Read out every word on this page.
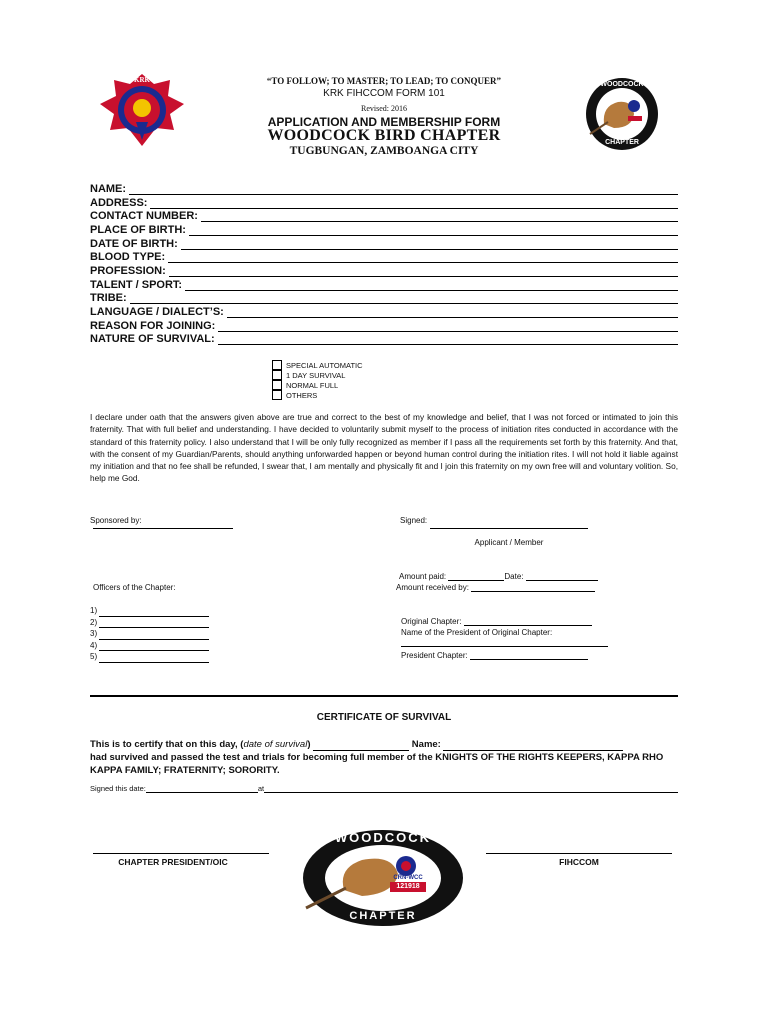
KRK
WOODCOCK
CHAPTER
“TO FOLLOW; TO MASTER; TO LEAD; TO CONQUER”
KRK FIHCCOM FORM 101
Revised: 2016
APPLICATION AND MEMBERSHIP FORM
WOODCOCK BIRD CHAPTER
TUGBUNGAN, ZAMBOANGA CITY
NAME:
ADDRESS:
CONTACT NUMBER:
PLACE OF BIRTH:
DATE OF BIRTH:
BLOOD TYPE:
PROFESSION:
TALENT / SPORT:
TRIBE:
LANGUAGE / DIALECT’S:
REASON FOR JOINING:
NATURE OF SURVIVAL:
SPECIAL AUTOMATIC
1 DAY SURVIVAL
NORMAL FULL
OTHERS
I declare under oath that the answers given above are true and correct to the best of my knowledge and belief, that I was not forced or intimated to join this fraternity. That with full belief and understanding. I have decided to voluntarily submit myself to the process of initiation rites conducted in accordance with the standard of this fraternity policy. I also understand that I will be only fully recognized as member if I pass all the requirements set forth by this fraternity. And that, with the consent of my Guardian/Parents, should anything unforwarded happen or beyond human control during the initiation rites. I will not hold it liable against my initiation and that no fee shall be refunded, I swear that, I am mentally and physically fit and I join this fraternity on my own free will and voluntary volition. So, help me God.
Sponsored by:	Signed:
Applicant / Member
Amount paid:	Date:
Amount received by:
Officers of the Chapter:
1)
2)
3)
4)
5)
Original Chapter:
Name of the President of Original Chapter:
President Chapter:
CERTIFICATE OF SURVIVAL
This is to certify that on this day, (date of survival)	Name:
had survived and passed the test and trials for becoming full member of the KNIGHTS OF THE RIGHTS KEEPERS, KAPPA RHO KAPPA FAMILY; FRATERNITY; SORORITY.
Signed this date:	at
CHAPTER PRESIDENT/OIC	FIHCCOM
WOODCOCK
CHAPTER
CRN-WCC
121918
